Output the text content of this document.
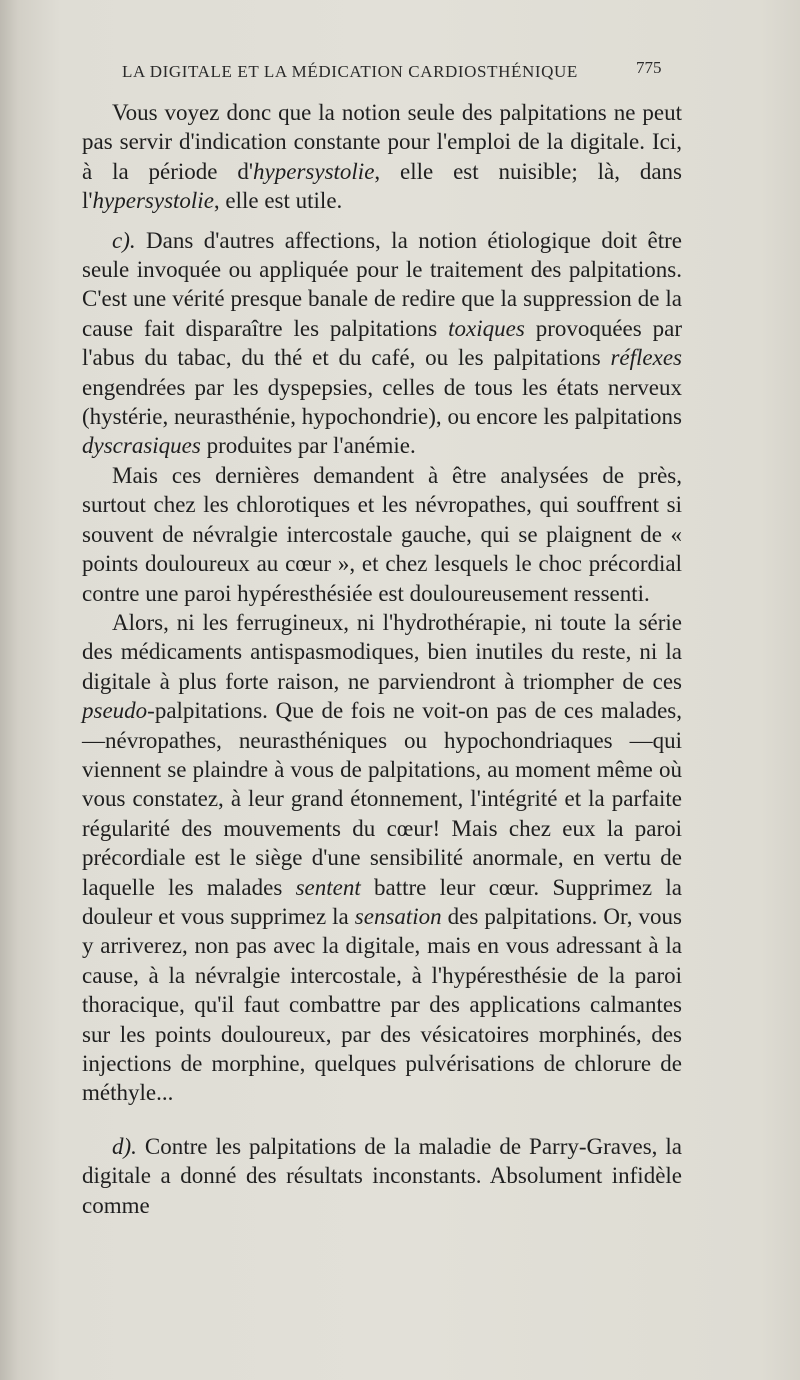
LA DIGITALE ET LA MÉDICATION CARDIOSTHÉNIQUE	775

Vous voyez donc que la notion seule des palpitations ne peut pas servir d'indication constante pour l'emploi de la digitale. Ici, à la période d'hypersystolie, elle est nuisible; là, dans l'hypersystolie, elle est utile.

c). Dans d'autres affections, la notion étiologique doit être seule invoquée ou appliquée pour le traitement des palpitations. C'est une vérité presque banale de redire que la suppression de la cause fait disparaître les palpitations toxiques provoquées par l'abus du tabac, du thé et du café, ou les palpitations réflexes engendrées par les dyspepsies, celles de tous les états nerveux (hystérie, neurasthénie, hypochondrie), ou encore les palpitations dyscrasiques produites par l'anémie.

Mais ces dernières demandent à être analysées de près, surtout chez les chlorotiques et les névropathes, qui souffrent si souvent de névralgie intercostale gauche, qui se plaignent de « points douloureux au cœur », et chez lesquels le choc précordial contre une paroi hypéresthésiée est douloureusement ressenti.

Alors, ni les ferrugineux, ni l'hydrothérapie, ni toute la série des médicaments antispasmodiques, bien inutiles du reste, ni la digitale à plus forte raison, ne parviendront à triompher de ces pseudo-palpitations. Que de fois ne voit-on pas de ces malades, —névropathes, neurasthéniques ou hypochondriaques —qui viennent se plaindre à vous de palpitations, au moment même où vous constatez, à leur grand étonnement, l'intégrité et la parfaite régularité des mouvements du cœur! Mais chez eux la paroi précordiale est le siège d'une sensibilité anormale, en vertu de laquelle les malades sentent battre leur cœur. Supprimez la douleur et vous supprimez la sensation des palpitations. Or, vous y arriverez, non pas avec la digitale, mais en vous adressant à la cause, à la névralgie intercostale, à l'hypéresthésie de la paroi thoracique, qu'il faut combattre par des applications calmantes sur les points douloureux, par des vésicatoires morphinés, des injections de morphine, quelques pulvérisations de chlorure de méthyle...

d). Contre les palpitations de la maladie de Parry-Graves, la digitale a donné des résultats inconstants. Absolument infidèle comme
